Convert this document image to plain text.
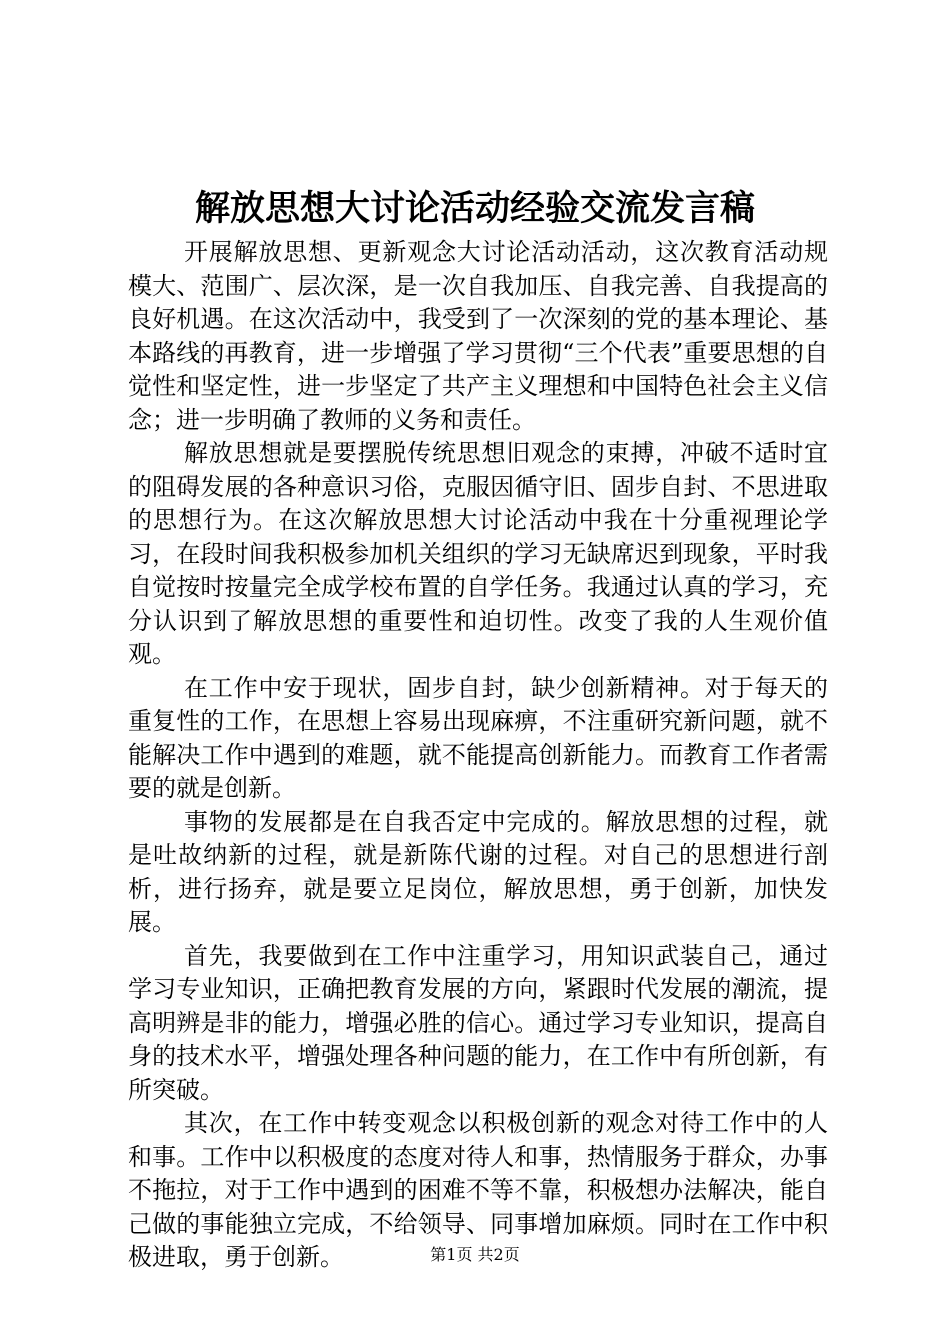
解放思想大讨论活动经验交流发言稿

开展解放思想、更新观念大讨论活动活动，这次教育活动规模大、范围广、层次深，是一次自我加压、自我完善、自我提高的良好机遇。在这次活动中，我受到了一次深刻的党的基本理论、基本路线的再教育，进一步增强了学习贯彻“三个代表”重要思想的自觉性和坚定性，进一步坚定了共产主义理想和中国特色社会主义信念；进一步明确了教师的义务和责任。

解放思想就是要摆脱传统思想旧观念的束搏，冲破不适时宜的阻碍发展的各种意识习俗，克服因循守旧、固步自封、不思进取的思想行为。在这次解放思想大讨论活动中我在十分重视理论学习，在段时间我积极参加机关组织的学习无缺席迟到现象，平时我自觉按时按量完全成学校布置的自学任务。我通过认真的学习，充分认识到了解放思想的重要性和迫切性。改变了我的人生观价值观。

在工作中安于现状，固步自封，缺少创新精神。对于每天的重复性的工作，在思想上容易出现麻痹，不注重研究新问题，就不能解决工作中遇到的难题，就不能提高创新能力。而教育工作者需要的就是创新。

事物的发展都是在自我否定中完成的。解放思想的过程，就是吐故纳新的过程，就是新陈代谢的过程。对自己的思想进行剖析，进行扬弃，就是要立足岗位，解放思想，勇于创新，加快发展。

首先，我要做到在工作中注重学习，用知识武装自己，通过学习专业知识，正确把教育发展的方向，紧跟时代发展的潮流，提高明辨是非的能力，增强必胜的信心。通过学习专业知识，提高自身的技术水平，增强处理各种问题的能力，在工作中有所创新，有所突破。

其次，在工作中转变观念以积极创新的观念对待工作中的人和事。工作中以积极度的态度对待人和事，热情服务于群众，办事不拖拉，对于工作中遇到的困难不等不靠，积极想办法解决，能自己做的事能独立完成，不给领导、同事增加麻烦。同时在工作中积极进取，勇于创新。	第1页 共2页
